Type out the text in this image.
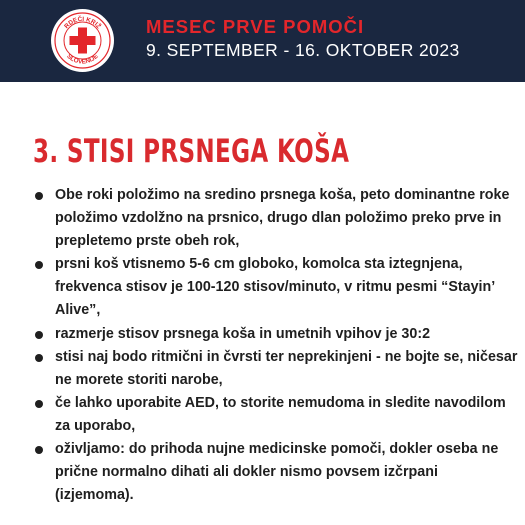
RDEČI KRIŽ
SLOVENIJE
MESEC PRVE POMOČI
9. SEPTEMBER - 16. OKTOBER 2023
3. STISI PRSNEGA KOŠA
Obe roki položimo na sredino prsnega koša, peto dominantne roke položimo vzdolžno na prsnico, drugo dlan položimo preko prve in prepletemo prste obeh rok,
prsni koš vtisnemo 5-6 cm globoko, komolca sta iztegnjena, frekvenca stisov je 100-120 stisov/minuto, v ritmu pesmi “Stayin’ Alive”,
razmerje stisov prsnega koša in umetnih vpihov je 30:2
stisi naj bodo ritmični in čvrsti ter neprekinjeni - ne bojte se, ničesar ne morete storiti narobe,
če lahko uporabite AED, to storite nemudoma in sledite navodilom za uporabo,
oživljamo: do prihoda nujne medicinske pomoči, dokler oseba ne prične normalno dihati ali dokler nismo povsem izčrpani (izjemoma).
